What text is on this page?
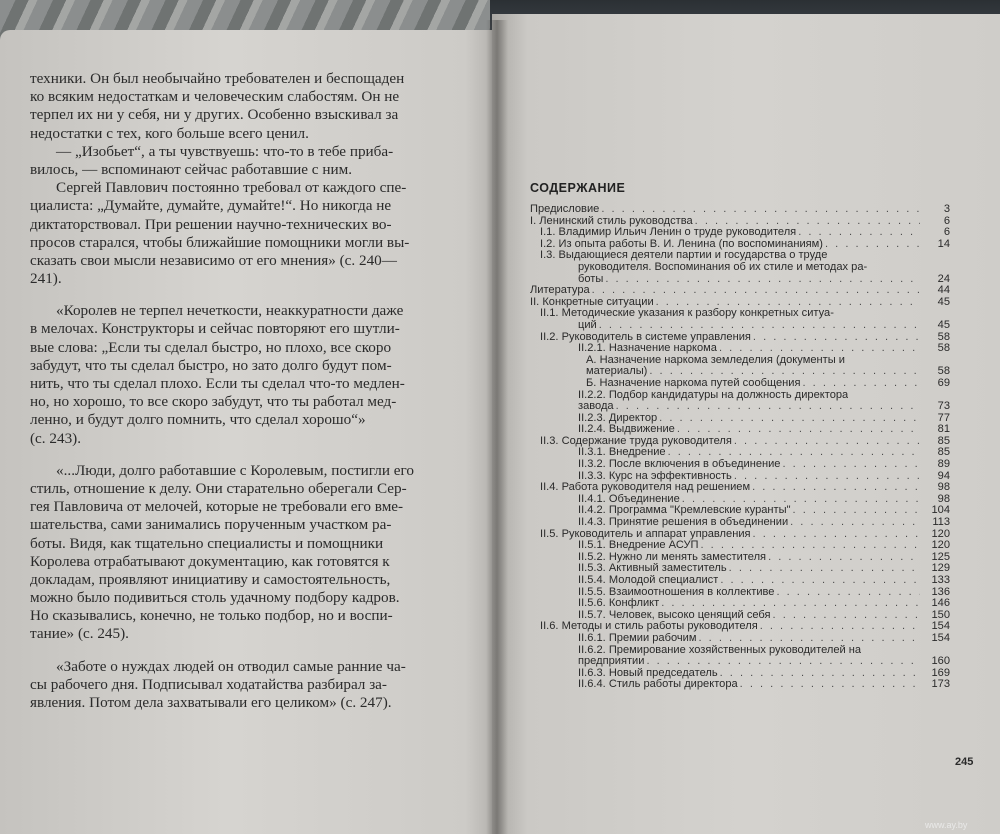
техники. Он был необычайно требователен и беспощаден
ко всяким недостаткам и человеческим слабостям. Он не
терпел их ни у себя, ни у других. Особенно взыскивал за
недостатки с тех, кого больше всего ценил.
— „Изобьет“, а ты чувствуешь: что-то в тебе приба-
вилось, — вспоминают сейчас работавшие с ним.
Сергей Павлович постоянно требовал от каждого спе-
циалиста: „Думайте, думайте, думайте!“. Но никогда не
диктаторствовал. При решении научно-технических во-
просов старался, чтобы ближайшие помощники могли вы-
сказать свои мысли независимо от его мнения» (с. 240—
241).
«Королев не терпел нечеткости, неаккуратности даже
в мелочах. Конструкторы и сейчас повторяют его шутли-
вые слова: „Если ты сделал быстро, но плохо, все скоро
забудут, что ты сделал быстро, но зато долго будут пом-
нить, что ты сделал плохо. Если ты сделал что-то медлен-
но, но хорошо, то все скоро забудут, что ты работал мед-
ленно, и будут долго помнить, что сделал хорошо“»
(с. 243).
«...Люди, долго работавшие с Королевым, постигли его
стиль, отношение к делу. Они старательно оберегали Сер-
гея Павловича от мелочей, которые не требовали его вме-
шательства, сами занимались порученным участком ра-
боты. Видя, как тщательно специалисты и помощники
Королева отрабатывают документацию, как готовятся к
докладам, проявляют инициативу и самостоятельность,
можно было подивиться столь удачному подбору кадров.
Но сказывались, конечно, не только подбор, но и воспи-
тание» (с. 245).
«Заботе о нуждах людей он отводил самые ранние ча-
сы рабочего дня. Подписывал ходатайства разбирал за-
явления. Потом дела захватывали его целиком» (с. 247).
СОДЕРЖАНИЕ
Предисловие . . .	3
I. Ленинский стиль руководства . . .	6
I.1. Владимир Ильич Ленин о труде руководителя . . .	6
I.2. Из опыта работы В. И. Ленина (по воспоминаниям) . . .	14
I.3. Выдающиеся деятели партии и государства о труде
руководителя. Воспоминания об их стиле и методах ра-
боты . . .	24
Литература . . .	44
II. Конкретные ситуации . . .	45
II.1. Методические указания к разбору конкретных ситуа-
ций . . .	45
II.2. Руководитель в системе управления . . .	58
II.2.1. Назначение наркома . . .	58
А. Назначение наркома земледелия (документы и
материалы) . . .	58
Б. Назначение наркома путей сообщения . . .	69
II.2.2. Подбор кандидатуры на должность директора
завода . . .	73
II.2.3. Директор . . .	77
II.2.4. Выдвижение . . .	81
II.3. Содержание труда руководителя . . .	85
II.3.1. Внедрение . . .	85
II.3.2. После включения в объединение . . .	89
II.3.3. Курс на эффективность . . .	94
II.4. Работа руководителя над решением . . .	98
II.4.1. Объединение . . .	98
II.4.2. Программа "Кремлевские куранты" . . .	104
II.4.3. Принятие решения в объединении . . .	113
II.5. Руководитель и аппарат управления . . .	120
II.5.1. Внедрение АСУП . . .	120
II.5.2. Нужно ли менять заместителя . . .	125
II.5.3. Активный заместитель . . .	129
II.5.4. Молодой специалист . . .	133
II.5.5. Взаимоотношения в коллективе . . .	136
II.5.6. Конфликт . . .	146
II.5.7. Человек, высоко ценящий себя . . .	150
II.6. Методы и стиль работы руководителя . . .	154
II.6.1. Премии рабочим . . .	154
II.6.2. Премирование хозяйственных руководителей на
предприятии . . .	160
II.6.3. Новый председатель . . .	169
II.6.4. Стиль работы директора . . .	173
245
www.ay.by
